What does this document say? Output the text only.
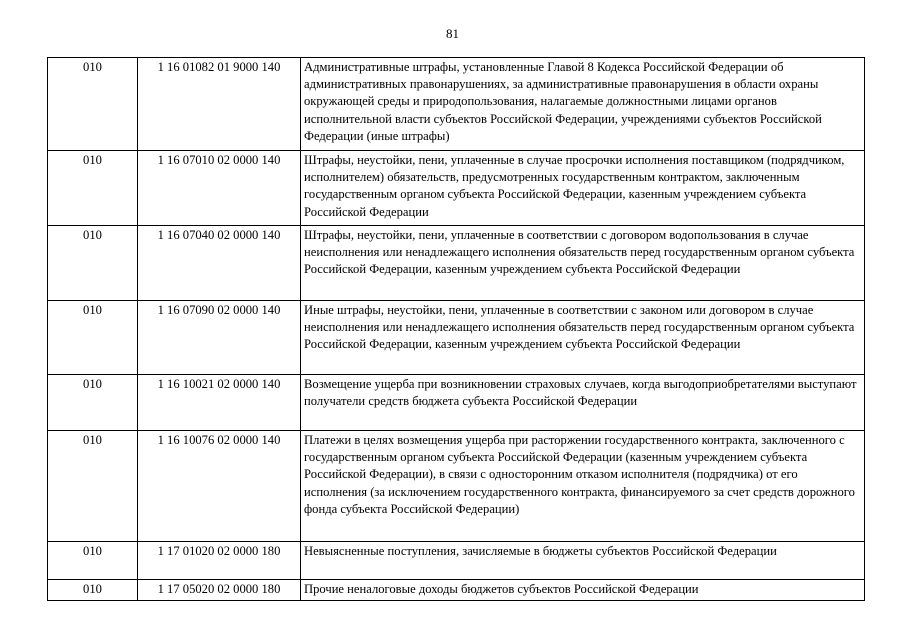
81
010	1 16 01082 01 9000 140	Административные штрафы, установленные Главой 8 Кодекса Российской Федерации об административных правонарушениях, за административные правонарушения в области охраны окружающей среды и природопользования, налагаемые должностными лицами органов исполнительной власти субъектов Российской Федерации, учреждениями субъектов Российской Федерации (иные штрафы)
010	1 16 07010 02 0000 140	Штрафы, неустойки, пени, уплаченные в случае просрочки исполнения поставщиком (подрядчиком, исполнителем) обязательств, предусмотренных государственным контрактом, заключенным государственным органом субъекта Российской Федерации, казенным учреждением субъекта Российской Федерации
010	1 16 07040 02 0000 140	Штрафы, неустойки, пени, уплаченные в соответствии с договором водопользования в случае неисполнения или ненадлежащего исполнения обязательств перед государственным органом субъекта Российской Федерации, казенным учреждением субъекта Российской Федерации
010	1 16 07090 02 0000 140	Иные штрафы, неустойки, пени, уплаченные в соответствии с законом или договором в случае неисполнения или ненадлежащего исполнения обязательств перед государственным органом субъекта Российской Федерации, казенным учреждением субъекта Российской Федерации
010	1 16 10021 02 0000 140	Возмещение ущерба при возникновении страховых случаев, когда выгодоприобретателями выступают получатели средств бюджета субъекта Российской Федерации
010	1 16 10076 02 0000 140	Платежи в целях возмещения ущерба при расторжении государственного контракта, заключенного с государственным органом субъекта Российской Федерации (казенным учреждением субъекта Российской Федерации), в связи с односторонним отказом исполнителя (подрядчика) от его исполнения (за исключением государственного контракта, финансируемого за счет средств дорожного фонда субъекта Российской Федерации)
010	1 17 01020 02 0000 180	Невыясненные поступления, зачисляемые в бюджеты субъектов Российской Федерации
010	1 17 05020 02 0000 180	Прочие неналоговые доходы бюджетов субъектов Российской Федерации
